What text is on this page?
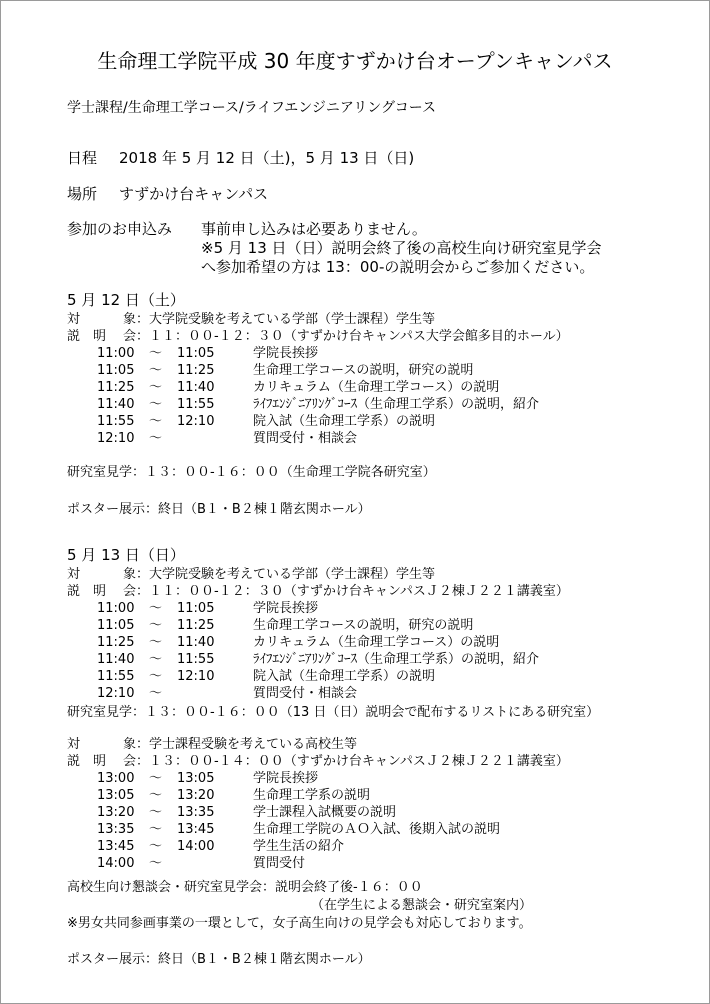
生命理工学院平成 30 年度すずかけ台オープンキャンパス
学士課程/生命理工学コース/ライフエンジニアリングコース
日程 2018 年 5 月 12 日（土)，5 月 13 日（日)
場所 すずかけ台キャンパス
参加のお申込み 事前申し込みは必要ありません。
※5 月 13 日（日）説明会終了後の高校生向け研究室見学会
へ参加希望の方は 13：00-の説明会からご参加ください。
5 月 12 日（土）
対	象： 大学院受験を考えている学部（学士課程）学生等
説　明 会： １１：００-１２：３０（すずかけ台キャンパス大学会館多目的ホール）
11:00 ～ 11:05	学院長挨拶
11:05 ～ 11:25	生命理工学コースの説明，研究の説明
11:25 ～ 11:40	カリキュラム（生命理工学コース）の説明
11:40 ～ 11:55	ﾗｲﾌｴﾝｼﾞﾆｱﾘﾝｸﾞｺｰｽ（生命理工学系）の説明，紹介
11:55 ～ 12:10	院入試（生命理工学系）の説明
12:10 ～	質問受付・相談会
研究室見学：１３：００-１６：００（生命理工学院各研究室）
ポスター展示：終日（B１・B２棟１階玄関ホール）
5 月 13 日（日）
対	象： 大学院受験を考えている学部（学士課程）学生等
説　明 会： １１：００-１２：３０（すずかけ台キャンパスＪ２棟Ｊ２２１講義室）
11:00 ～ 11:05	学院長挨拶
11:05 ～ 11:25	生命理工学コースの説明，研究の説明
11:25 ～ 11:40	カリキュラム（生命理工学コース）の説明
11:40 ～ 11:55	ﾗｲﾌｴﾝｼﾞﾆｱﾘﾝｸﾞｺｰｽ（生命理工学系）の説明，紹介
11:55 ～ 12:10	院入試（生命理工学系）の説明
12:10 ～	質問受付・相談会
研究室見学：１３：００-１６：００（13 日（日）説明会で配布するリストにある研究室）
対	象： 学士課程受験を考えている高校生等
説　明 会： １３：００-１４：００（すずかけ台キャンパスＪ２棟Ｊ２２１講義室）
13:00 ～ 13:05	学院長挨拶
13:05 ～ 13:20	生命理工学系の説明
13:20 ～ 13:35	学士課程入試概要の説明
13:35 ～ 13:45	生命理工学院のＡＯ入試、後期入試の説明
13:45 ～ 14:00	学生生活の紹介
14:00 ～	質問受付
高校生向け懇談会・研究室見学会：説明会終了後-１６：００
（在学生による懇談会・研究室案内）
※男女共同参画事業の一環として，女子高生向けの見学会も対応しております。
ポスター展示：終日（B１・B２棟１階玄関ホール）
